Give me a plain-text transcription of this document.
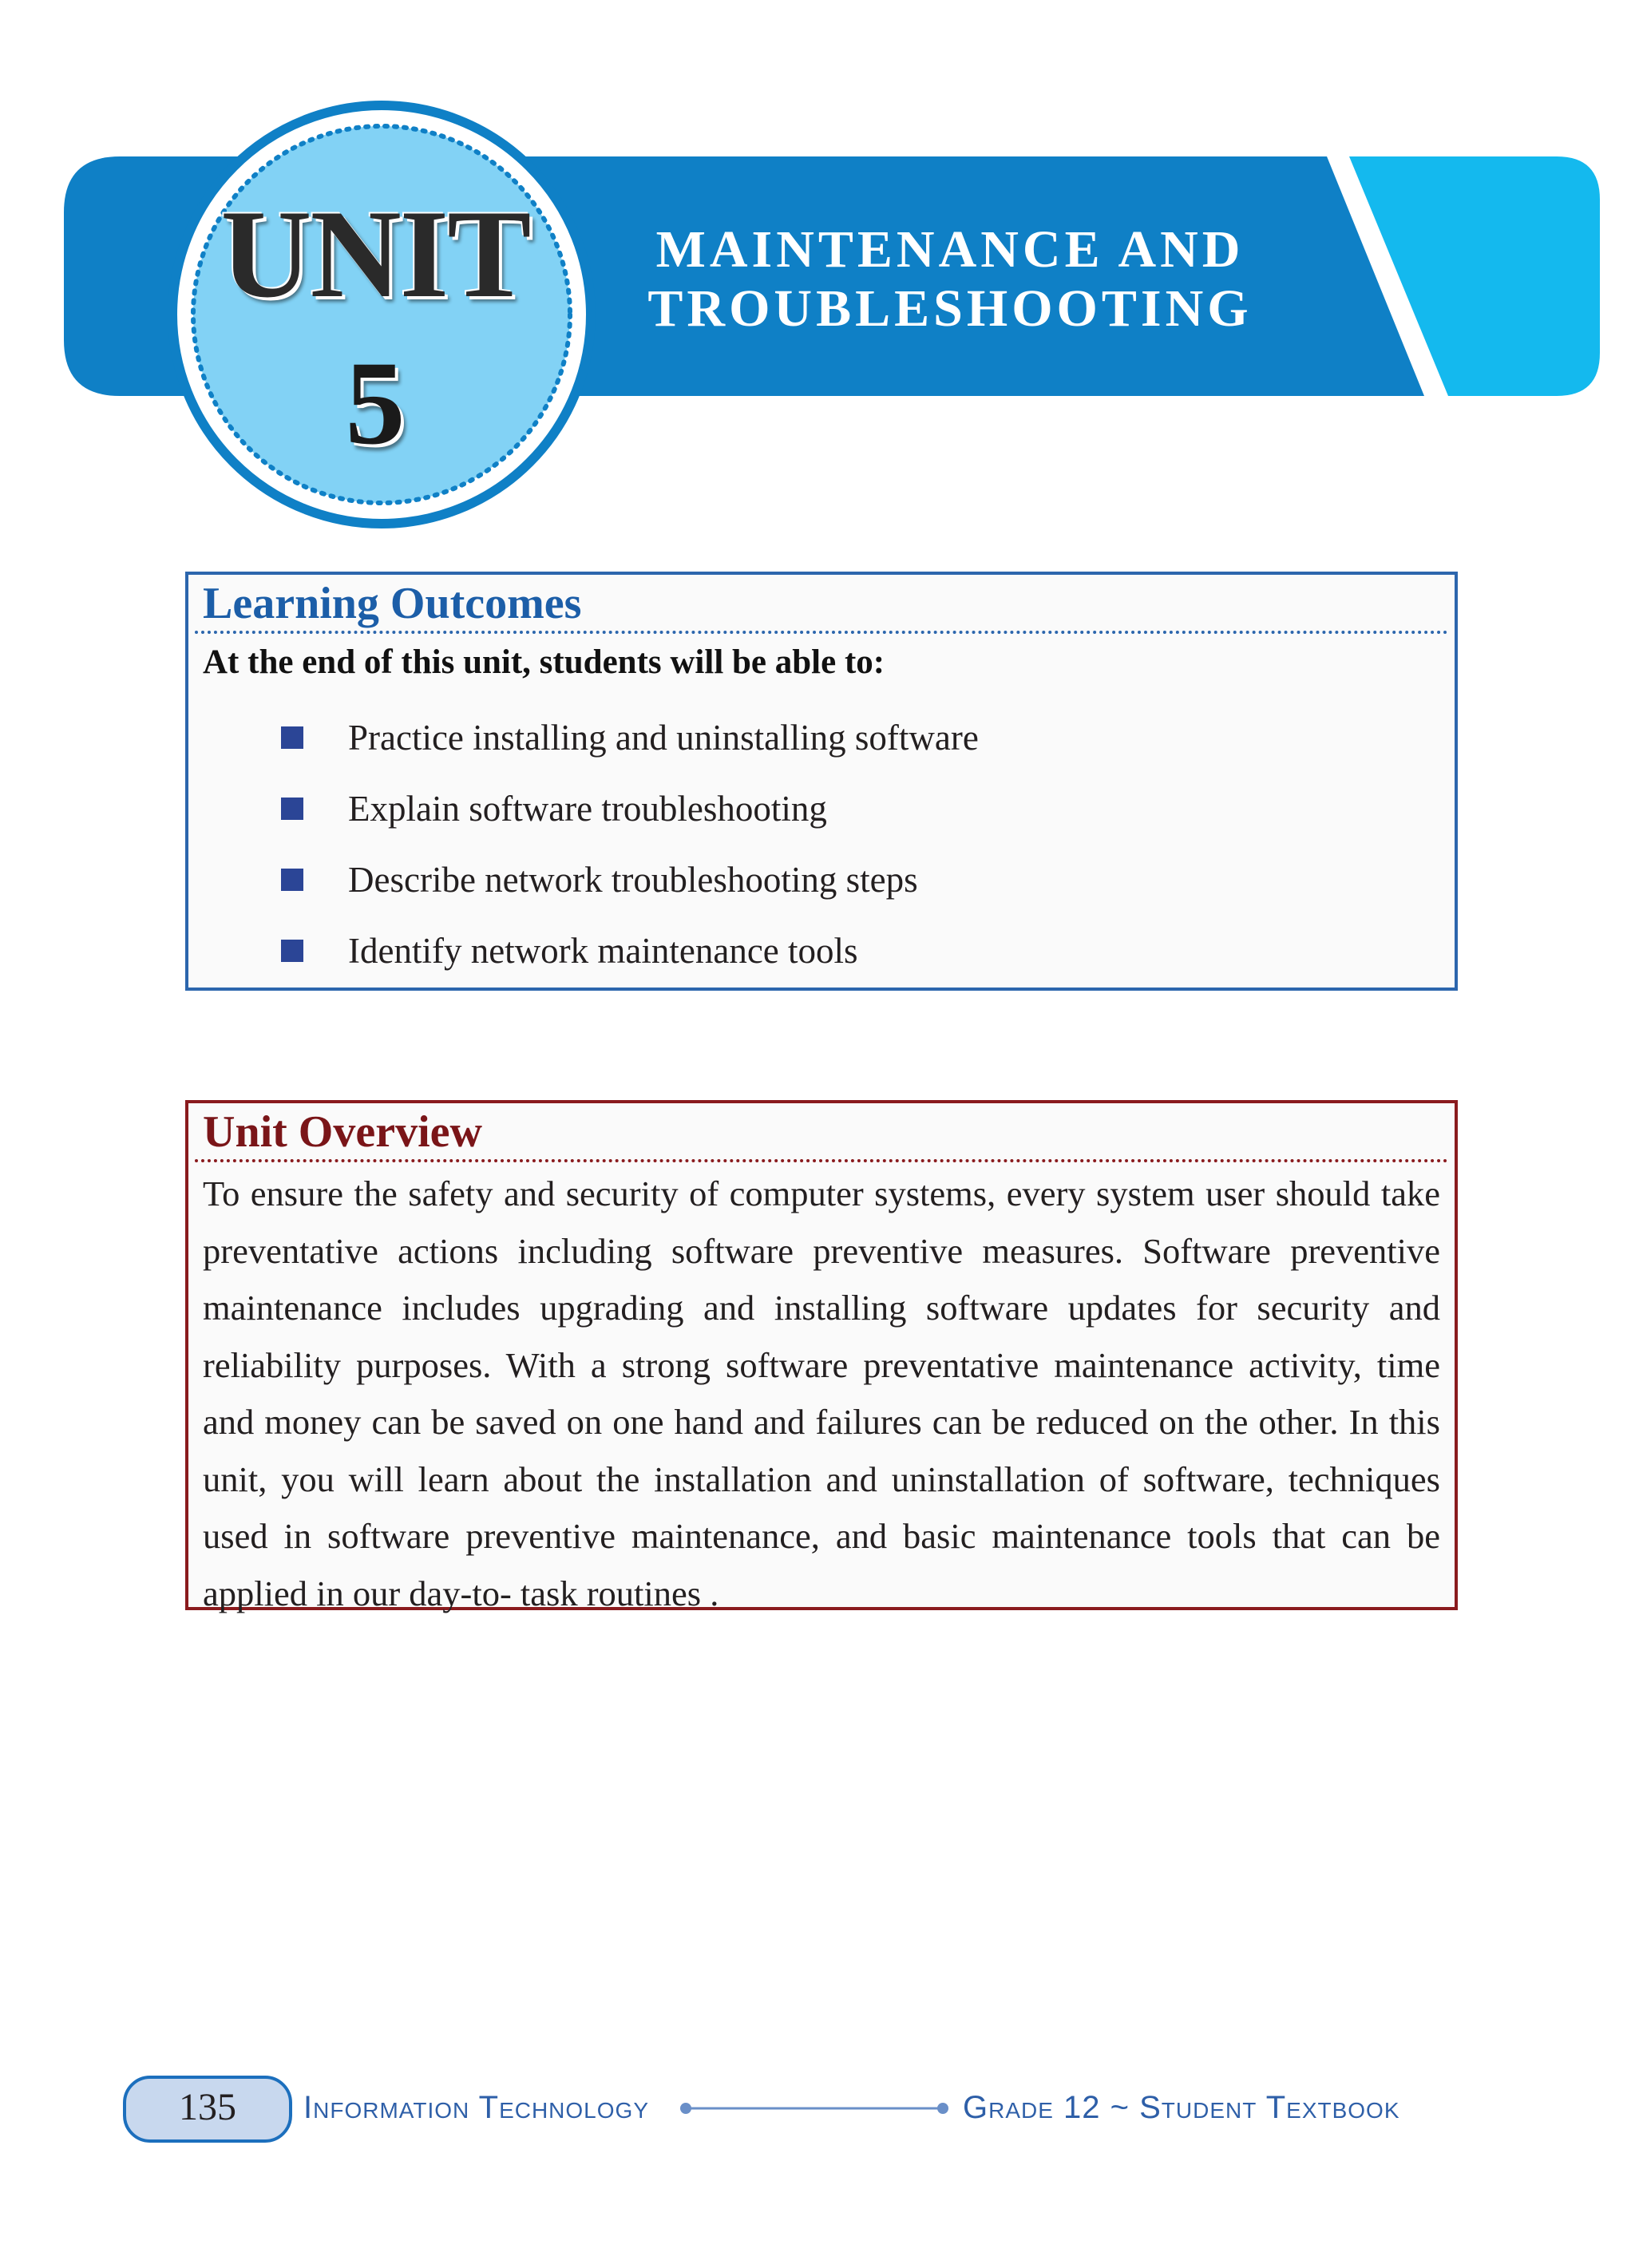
UNIT
5
MAINTENANCE AND
TROUBLESHOOTING
Learning Outcomes
At the end of this unit, students will be able to:
Practice installing and uninstalling software
Explain software troubleshooting
Describe network troubleshooting steps
Identify network maintenance tools
Unit Overview

To ensure the safety and security of computer systems, every system user should take preventative actions including software preventive measures. Software preventive maintenance includes upgrading and installing software updates for security and reliability purposes. With a strong software preventative maintenance activity, time and money can be saved on one hand and failures can be reduced on the other. In this unit, you will learn about the installation and uninstallation of software, techniques used in software preventive maintenance, and basic maintenance tools that can be applied in our day-to- task routines .

135	Information Technology	Grade 12 ~ Student Textbook
